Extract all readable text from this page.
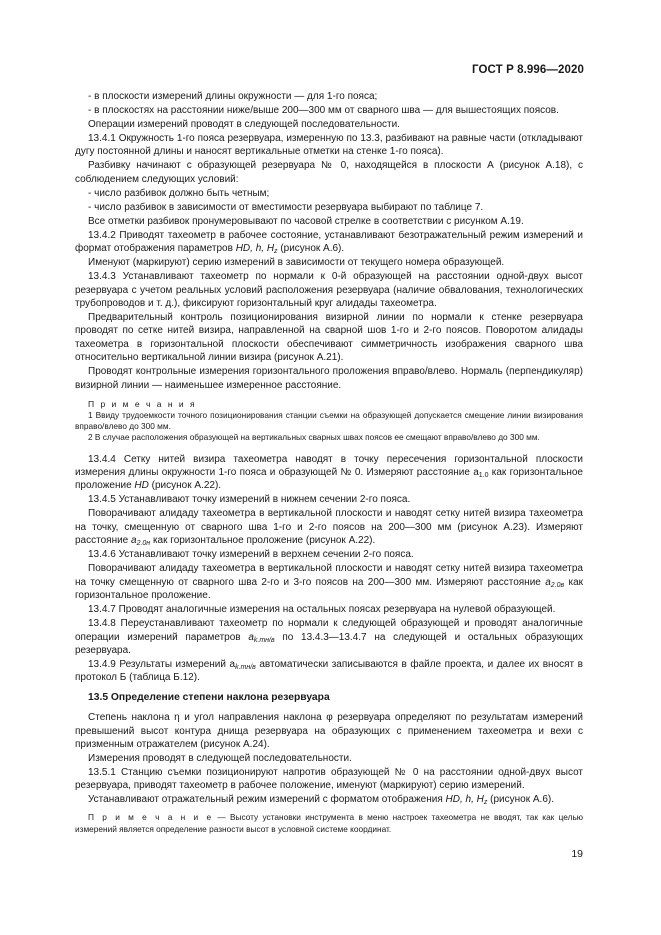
ГОСТ Р 8.996—2020

- в плоскости измерений длины окружности — для 1-го пояса;

- в плоскостях на расстоянии ниже/выше 200—300 мм от сварного шва — для вышестоящих поясов.

Операции измерений проводят в следующей последовательности.

13.4.1 Окружность 1-го пояса резервуара, измеренную по 13.3, разбивают на равные части (откладывают дугу постоянной длины и наносят вертикальные отметки на стенке 1-го пояса).

Разбивку начинают с образующей резервуара № 0, находящейся в плоскости А (рисунок А.18), с соблюдением следующих условий:

- число разбивок должно быть четным;

- число разбивок в зависимости от вместимости резервуара выбирают по таблице 7.

Все отметки разбивок пронумеровывают по часовой стрелке в соответствии с рисунком А.19.

13.4.2 Приводят тахеометр в рабочее состояние, устанавливают безотражательный режим измерений и формат отображения параметров HD, h, $H_z$ (рисунок А.6).

Именуют (маркируют) серию измерений в зависимости от текущего номера образующей.

13.4.3 Устанавливают тахеометр по нормали к 0-й образующей на расстоянии одной-двух высот резервуара с учетом реальных условий расположения резервуара (наличие обвалования, технологических трубопроводов и т. д.), фиксируют горизонтальный круг алидады тахеометра.

Предварительный контроль позиционирования визирной линии по нормали к стенке резервуара проводят по сетке нитей визира, направленной на сварной шов 1-го и 2-го поясов. Поворотом алидады тахеометра в горизонтальной плоскости обеспечивают симметричность изображения сварного шва относительно вертикальной линии визира (рисунок А.21).

Проводят контрольные измерения горизонтального проложения вправо/влево. Нормаль (перпендикуляр) визирной линии — наименьшее измеренное расстояние.

П р и м е ч а н и я

1 Ввиду трудоемкости точного позиционирования станции съемки на образующей допускается смещение линии визирования вправо/влево до 300 мм.

2 В случае расположения образующей на вертикальных сварных швах поясов ее смещают вправо/влево до 300 мм.

13.4.4 Сетку нитей визира тахеометра наводят в точку пересечения горизонтальной плоскости измерения длины окружности 1-го пояса и образующей № 0. Измеряют расстояние $a_{1.0}$ как горизонтальное проложение HD (рисунок А.22).

13.4.5 Устанавливают точку измерений в нижнем сечении 2-го пояса.

Поворачивают алидаду тахеометра в вертикальной плоскости и наводят сетку нитей визира тахеометра на точку, смещенную от сварного шва 1-го и 2-го поясов на 200—300 мм (рисунок А.23). Измеряют расстояние $a_{2.0н}$ как горизонтальное проложение (рисунок А.22).

13.4.6 Устанавливают точку измерений в верхнем сечении 2-го пояса.

Поворачивают алидаду тахеометра в вертикальной плоскости и наводят сетку нитей визира тахеометра на точку смещенную от сварного шва 2-го и 3-го поясов на 200—300 мм. Измеряют расстояние $a_{2.0в}$ как горизонтальное проложение.

13.4.7 Проводят аналогичные измерения на остальных поясах резервуара на нулевой образующей.

13.4.8 Переустанавливают тахеометр по нормали к следующей образующей и проводят аналогичные операции измерений параметров $a_{k.mн/в}$ по 13.4.3—13.4.7 на следующей и остальных образующих резервуара.

13.4.9 Результаты измерений $a_{k.mн/в}$ автоматически записываются в файле проекта, и далее их вносят в протокол Б (таблица Б.12).

13.5 Определение степени наклона резервуара

Степень наклона η и угол направления наклона φ резервуара определяют по результатам измерений превышений высот контура днища резервуара на образующих с применением тахеометра и вехи с призменным отражателем (рисунок А.24).

Измерения проводят в следующей последовательности.

13.5.1 Станцию съемки позиционируют напротив образующей № 0 на расстоянии одной-двух высот резервуара, приводят тахеометр в рабочее положение, именуют (маркируют) серию измерений.

Устанавливают отражательный режим измерений с форматом отображения HD, h, $H_z$ (рисунок А.6).

П р и м е ч а н и е — Высоту установки инструмента в меню настроек тахеометра не вводят, так как целью измерений является определение разности высот в условной системе координат.

19
